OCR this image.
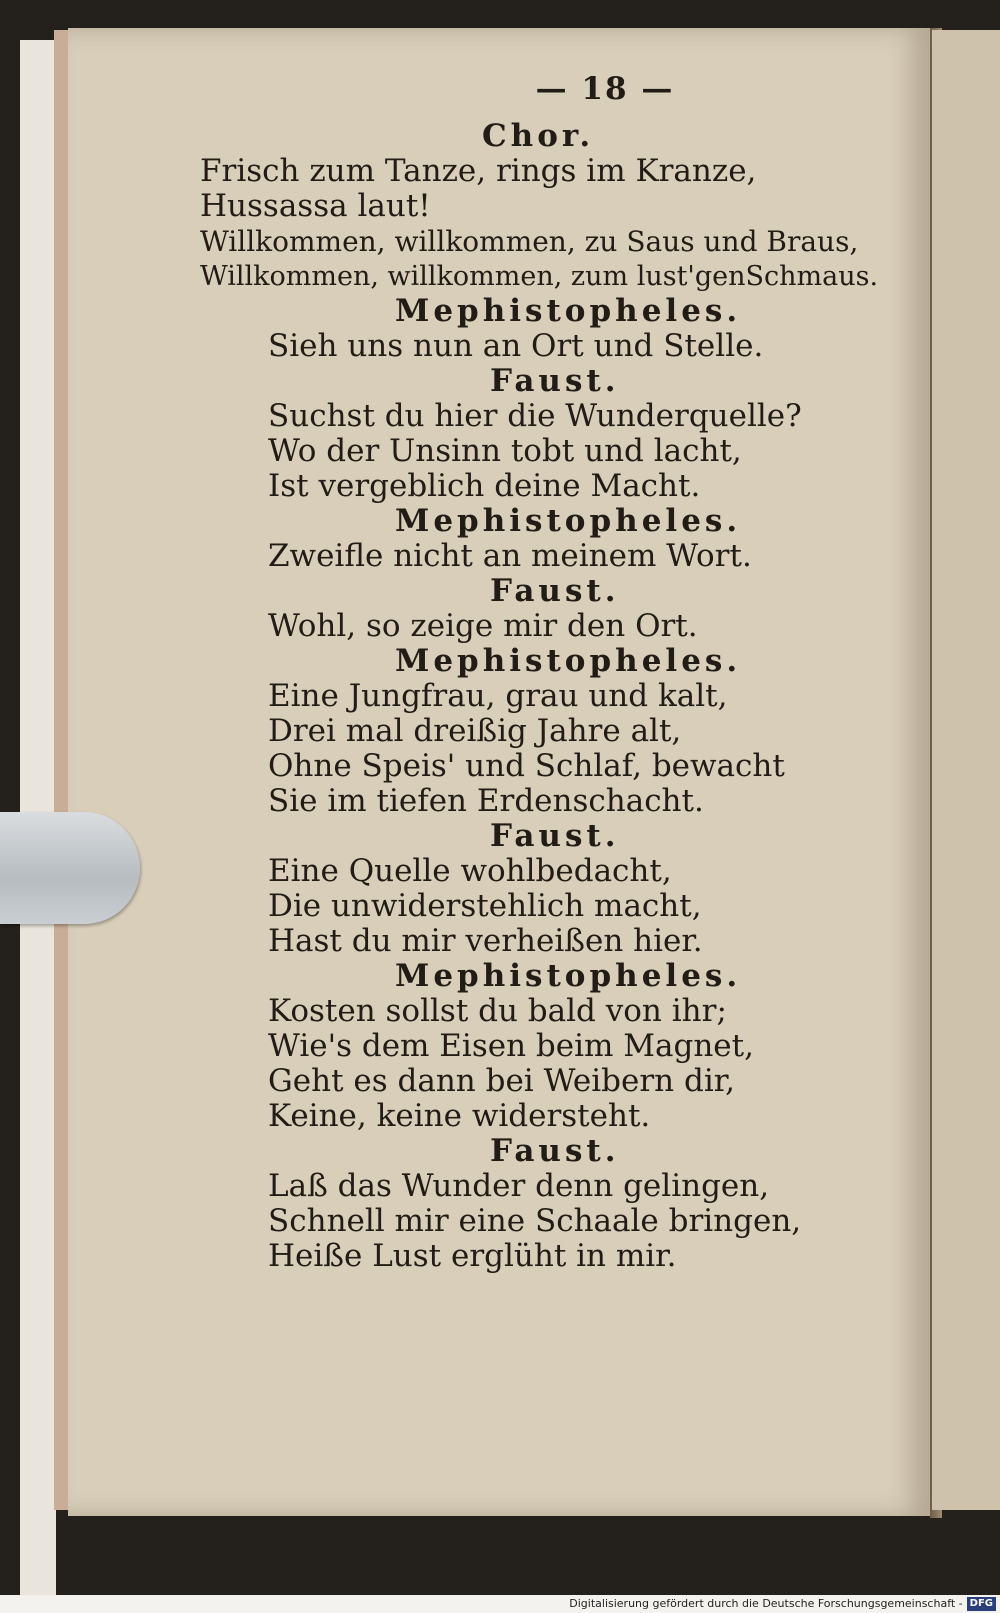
— 18 —
Chor.
Frisch zum Tanze, rings im Kranze,
Hussassa laut!
Willkommen, willkommen, zu Saus und Braus,
Willkommen, willkommen, zum lust'genSchmaus.
Mephistopheles.
Sieh uns nun an Ort und Stelle.
Faust.
Suchst du hier die Wunderquelle?
Wo der Unsinn tobt und lacht,
Ist vergeblich deine Macht.
Mephistopheles.
Zweifle nicht an meinem Wort.
Faust.
Wohl, so zeige mir den Ort.
Mephistopheles.
Eine Jungfrau, grau und kalt,
Drei mal dreißig Jahre alt,
Ohne Speis' und Schlaf, bewacht
Sie im tiefen Erdenschacht.
Faust.
Eine Quelle wohlbedacht,
Die unwiderstehlich macht,
Hast du mir verheißen hier.
Mephistopheles.
Kosten sollst du bald von ihr;
Wie's dem Eisen beim Magnet,
Geht es dann bei Weibern dir,
Keine, keine widersteht.
Faust.
Laß das Wunder denn gelingen,
Schnell mir eine Schaale bringen,
Heiße Lust erglüht in mir.
Digitalisierung gefördert durch die Deutsche Forschungsgemeinschaft - DFG
